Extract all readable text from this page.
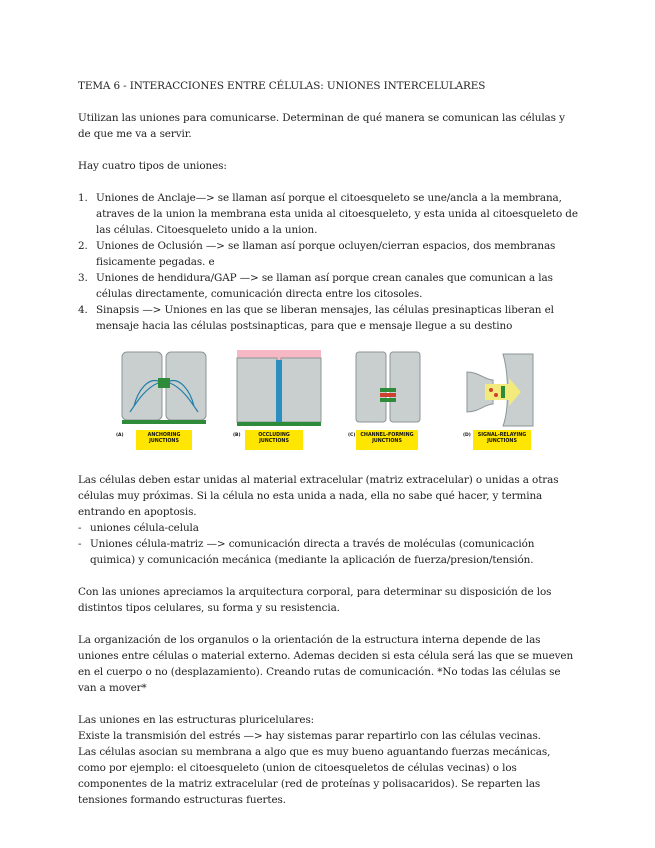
TEMA 6 - INTERACCIONES ENTRE CÉLULAS: UNIONES INTERCELULARES

Utilizan las uniones para comunicarse. Determinan de qué manera se comunican las células y de que me va a servir.

Hay cuatro tipos de uniones:

1. Uniones de Anclaje—> se llaman así porque el citoesqueleto se une/ancla a la membrana, atraves de la union la membrana esta unida al citoesqueleto, y esta unida al citoesqueleto de las células. Citoesqueleto unido a la union.
2. Uniones de Oclusión —> se llaman así porque ocluyen/cierran espacios, dos membranas fisicamente pegadas. e
3. Uniones de hendidura/GAP —> se llaman así porque crean canales que comunican a las células directamente, comunicación directa entre los citosoles.
4. Sinapsis —> Uniones en las que se liberan mensajes, las células presinapticas liberan el mensaje hacia las células postsinapticas, para que e mensaje llegue a su destino
(A)	ANCHORING JUNCTIONS
(B)	OCCLUDING JUNCTIONS
(C)	CHANNEL-FORMING JUNCTIONS
(D)	SIGNAL-RELAYING JUNCTIONS

Las células deben estar unidas al material extracelular (matriz extracelular) o unidas a otras células muy próximas. Si la célula no esta unida a nada, ella no sabe qué hacer, y termina entrando en apoptosis.

- uniones célula-celula
- Uniones célula-matriz —> comunicación directa a través de moléculas (comunicación quimica) y comunicación mecánica (mediante la aplicación de fuerza/presion/tensión.

Con las uniones apreciamos la arquitectura corporal, para determinar su disposición de los distintos tipos celulares, su forma y su resistencia.

La organización de los organulos o la orientación de la estructura interna depende de las uniones entre células o material externo. Ademas deciden si esta célula será las que se mueven en el cuerpo o no (desplazamiento). Creando rutas de comunicación. *No todas las células se van a mover*

Las uniones en las estructuras pluricelulares:

Existe la transmisión del estrés —> hay sistemas parar repartirlo con las células vecinas.

Las células asocian su membrana a algo que es muy bueno aguantando fuerzas mecánicas, como por ejemplo: el citoesqueleto (union de citoesqueletos de células vecinas) o los componentes de la matriz extracelular (red de proteínas y polisacaridos). Se reparten las tensiones formando estructuras fuertes.
